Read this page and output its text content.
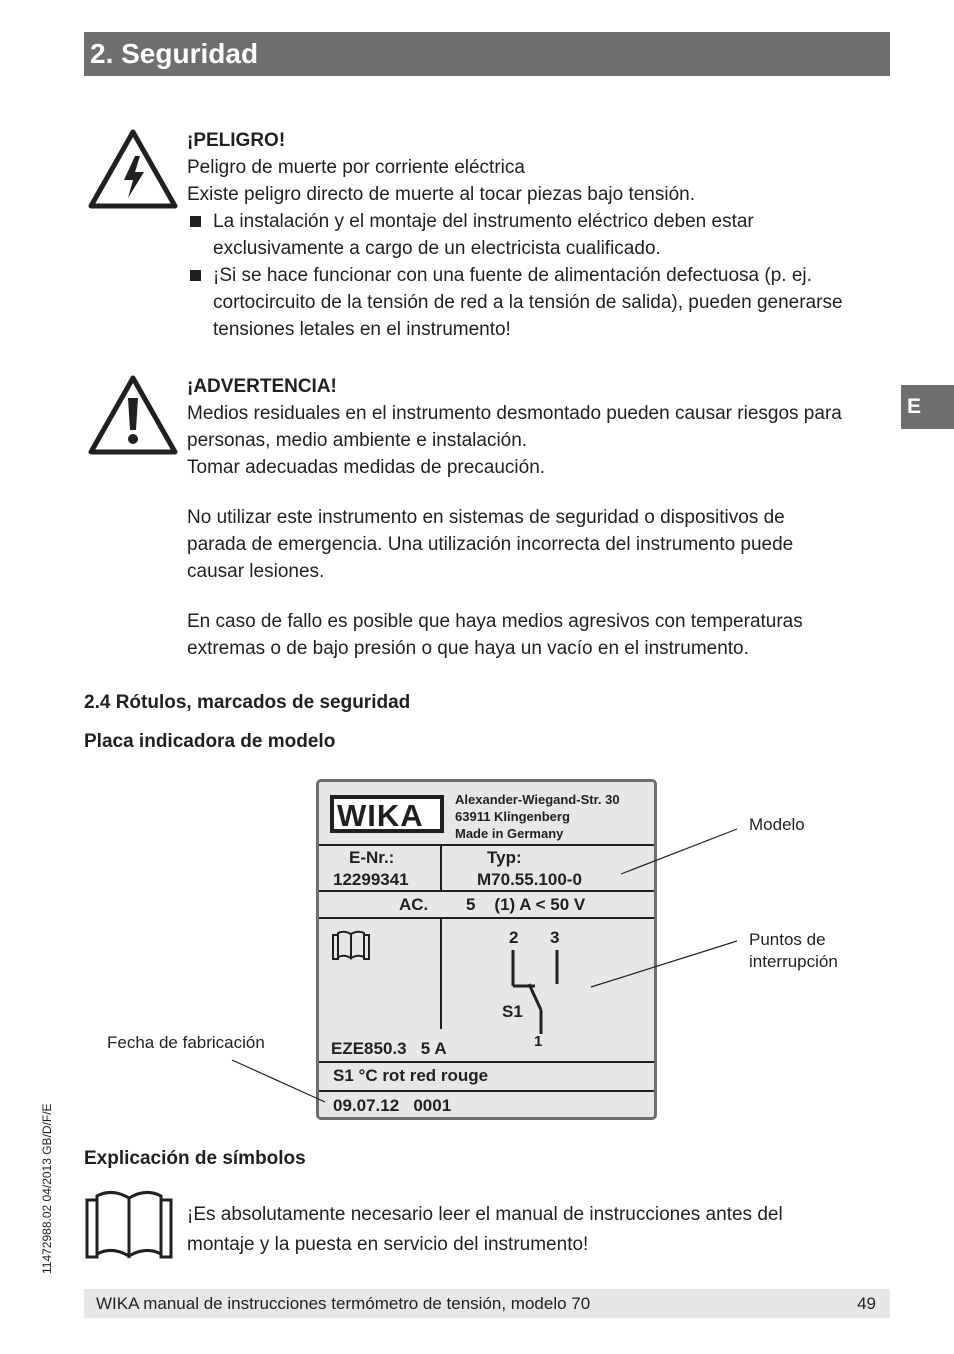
2. Seguridad
E

¡PELIGRO!

Peligro de muerte por corriente eléctrica

Existe peligro directo de muerte al tocar piezas bajo tensión.

La instalación y el montaje del instrumento eléctrico deben estar

exclusivamente a cargo de un electricista cualificado.

¡Si se hace funcionar con una fuente de alimentación defectuosa (p. ej.

cortocircuito de la tensión de red a la tensión de salida), pueden generarse

tensiones letales en el instrumento!

¡ADVERTENCIA!

Medios residuales en el instrumento desmontado pueden causar riesgos para

personas, medio ambiente e instalación.

Tomar adecuadas medidas de precaución.

No utilizar este instrumento en sistemas de seguridad o dispositivos de

parada de emergencia. Una utilización incorrecta del instrumento puede

causar lesiones.

En caso de fallo es posible que haya medios agresivos con temperaturas

extremas o de bajo presión o que haya un vacío en el instrumento.

2.4 Rótulos, marcados de seguridad
Placa indicadora de modelo
WIKA Alexander-Wiegand-Str. 30
63911 Klingenberg
Made in Germany
E-Nr.:
12299341
Typ:
M70.55.100-0
AC.        5    (1) A < 50 V
2 3
S1
1
EZE850.3   5 A
S1 °C rot red rouge
09.07.12   0001
Modelo
Puntos de
interrupción
Fecha de fabricación
Explicación de símbolos

¡Es absolutamente necesario leer el manual de instrucciones antes del

montaje y la puesta en servicio del instrumento!

11472988.02 04/2013 GB/D/F/E
WIKA manual de instrucciones termómetro de tensión, modelo 70	49
